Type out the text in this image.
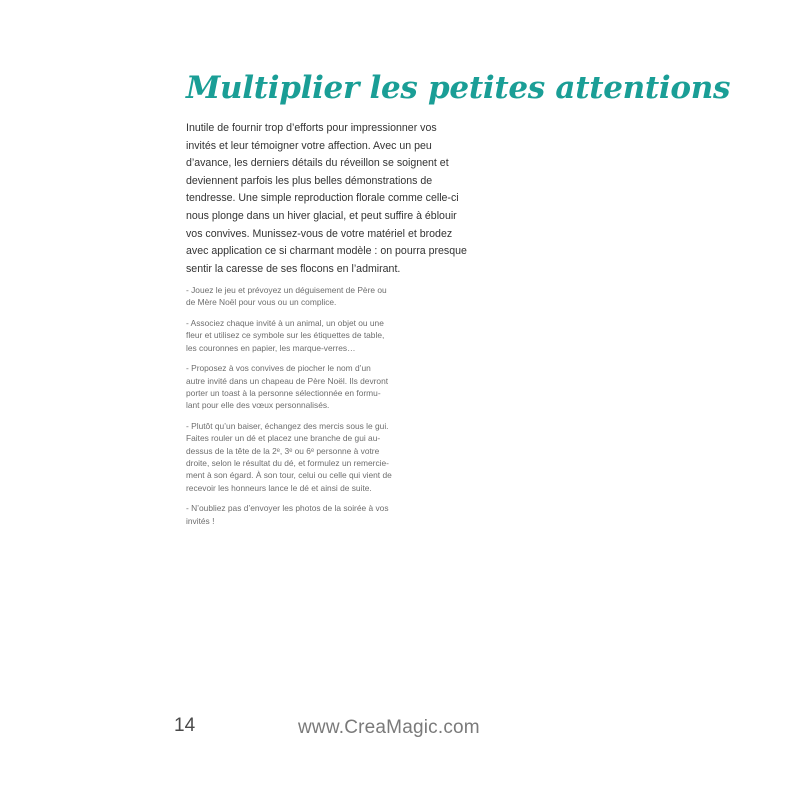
Multiplier les petites attentions

Inutile de fournir trop d’efforts pour impressionner vos
invités et leur témoigner votre affection. Avec un peu
d’avance, les derniers détails du réveillon se soignent et
deviennent parfois les plus belles démonstrations de
tendresse. Une simple reproduction florale comme celle-ci
nous plonge dans un hiver glacial, et peut suffire à éblouir
vos convives. Munissez-vous de votre matériel et brodez
avec application ce si charmant modèle : on pourra presque
sentir la caresse de ses flocons en l’admirant.

- Jouez le jeu et prévoyez un déguisement de Père ou
de Mère Noël pour vous ou un complice.
- Associez chaque invité à un animal, un objet ou une
fleur et utilisez ce symbole sur les étiquettes de table,
les couronnes en papier, les marque-verres…
- Proposez à vos convives de piocher le nom d’un
autre invité dans un chapeau de Père Noël. Ils devront
porter un toast à la personne sélectionnée en formu-
lant pour elle des vœux personnalisés.
- Plutôt qu’un baiser, échangez des mercis sous le gui.
Faites rouler un dé et placez une branche de gui au-
dessus de la tête de la 2ᵉ, 3ᵉ ou 6ᵉ personne à votre
droite, selon le résultat du dé, et formulez un remercie-
ment à son égard. À son tour, celui ou celle qui vient de
recevoir les honneurs lance le dé et ainsi de suite.
- N’oubliez pas d’envoyer les photos de la soirée à vos
invités !

14	www.CreaMagic.com
